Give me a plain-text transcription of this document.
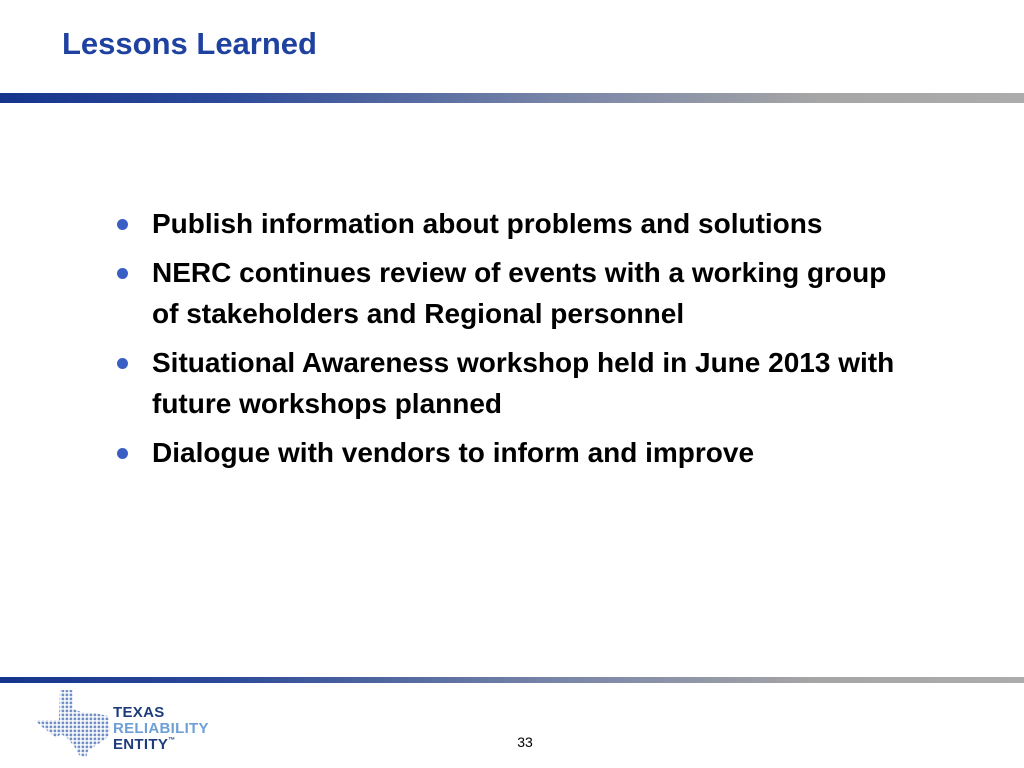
Lessons Learned
Publish information about problems and solutions
NERC continues review of events with a working group of stakeholders and Regional personnel
Situational Awareness workshop held in June 2013 with future workshops planned
Dialogue with vendors to inform and improve
TEXAS
RELIABILITY
ENTITY™	33
